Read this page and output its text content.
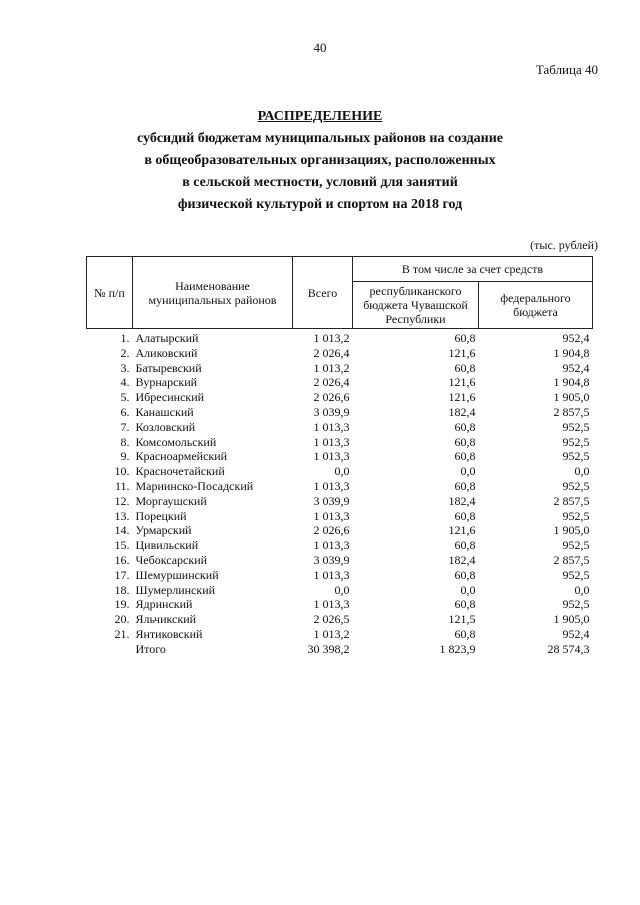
40
Таблица 40
РАСПРЕДЕЛЕНИЕ
субсидий бюджетам муниципальных районов на создание
в общеобразовательных организациях, расположенных
в сельской местности, условий для занятий
физической культурой и спортом на 2018 год
(тыс. рублей)
№ п/п	Наименование муниципальных районов	Всего	В том числе за счет средств	
			республиканского бюджета Чувашской Республики	федерального бюджета
1.	Алатырский	1 013,2	60,8	952,4
2.	Аликовский	2 026,4	121,6	1 904,8
3.	Батыревский	1 013,2	60,8	952,4
4.	Вурнарский	2 026,4	121,6	1 904,8
5.	Ибресинский	2 026,6	121,6	1 905,0
6.	Канашский	3 039,9	182,4	2 857,5
7.	Козловский	1 013,3	60,8	952,5
8.	Комсомольский	1 013,3	60,8	952,5
9.	Красноармейский	1 013,3	60,8	952,5
10.	Красночетайский	0,0	0,0	0,0
11.	Мариинско-Посадский	1 013,3	60,8	952,5
12.	Моргаушский	3 039,9	182,4	2 857,5
13.	Порецкий	1 013,3	60,8	952,5
14.	Урмарский	2 026,6	121,6	1 905,0
15.	Цивильский	1 013,3	60,8	952,5
16.	Чебоксарский	3 039,9	182,4	2 857,5
17.	Шемуршинский	1 013,3	60,8	952,5
18.	Шумерлинский	0,0	0,0	0,0
19.	Ядринский	1 013,3	60,8	952,5
20.	Яльчикский	2 026,5	121,5	1 905,0
21.	Янтиковский	1 013,2	60,8	952,4
	Итого	30 398,2	1 823,9	28 574,3
